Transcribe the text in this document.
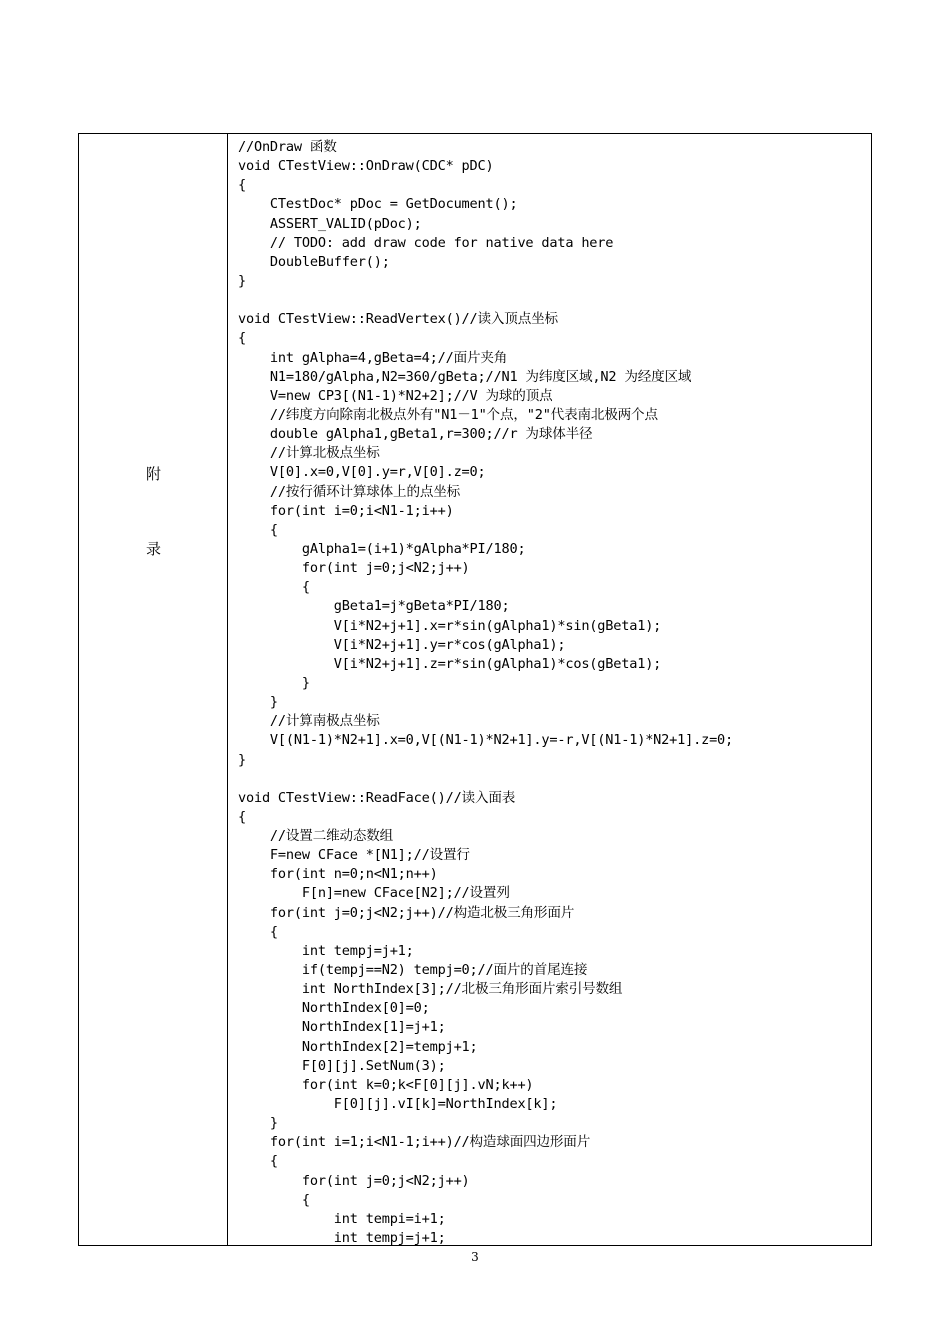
附
录
//OnDraw 函数
void CTestView::OnDraw(CDC* pDC)
{
CTestDoc* pDoc = GetDocument();
ASSERT_VALID(pDoc);
// TODO: add draw code for native data here
DoubleBuffer();
}
void CTestView::ReadVertex()//读入顶点坐标
{
int gAlpha=4,gBeta=4;//面片夹角
N1=180/gAlpha,N2=360/gBeta;//N1 为纬度区域,N2 为经度区域
V=new CP3[(N1-1)*N2+2];//V 为球的顶点
//纬度方向除南北极点外有"N1－1"个点，"2"代表南北极两个点
double gAlpha1,gBeta1,r=300;//r 为球体半径
//计算北极点坐标
V[0].x=0,V[0].y=r,V[0].z=0;
//按行循环计算球体上的点坐标
for(int i=0;i<N1-1;i++)
{
gAlpha1=(i+1)*gAlpha*PI/180;
for(int j=0;j<N2;j++)
{
gBeta1=j*gBeta*PI/180;
V[i*N2+j+1].x=r*sin(gAlpha1)*sin(gBeta1);
V[i*N2+j+1].y=r*cos(gAlpha1);
V[i*N2+j+1].z=r*sin(gAlpha1)*cos(gBeta1);
}
}
//计算南极点坐标
V[(N1-1)*N2+1].x=0,V[(N1-1)*N2+1].y=-r,V[(N1-1)*N2+1].z=0;
}
void CTestView::ReadFace()//读入面表
{
//设置二维动态数组
F=new CFace *[N1];//设置行
for(int n=0;n<N1;n++)
F[n]=new CFace[N2];//设置列
for(int j=0;j<N2;j++)//构造北极三角形面片
{
int tempj=j+1;
if(tempj==N2) tempj=0;//面片的首尾连接
int NorthIndex[3];//北极三角形面片索引号数组
NorthIndex[0]=0;
NorthIndex[1]=j+1;
NorthIndex[2]=tempj+1;
F[0][j].SetNum(3);
for(int k=0;k<F[0][j].vN;k++)
F[0][j].vI[k]=NorthIndex[k];
}
for(int i=1;i<N1-1;i++)//构造球面四边形面片
{
for(int j=0;j<N2;j++)
{
int tempi=i+1;
int tempj=j+1;
3
